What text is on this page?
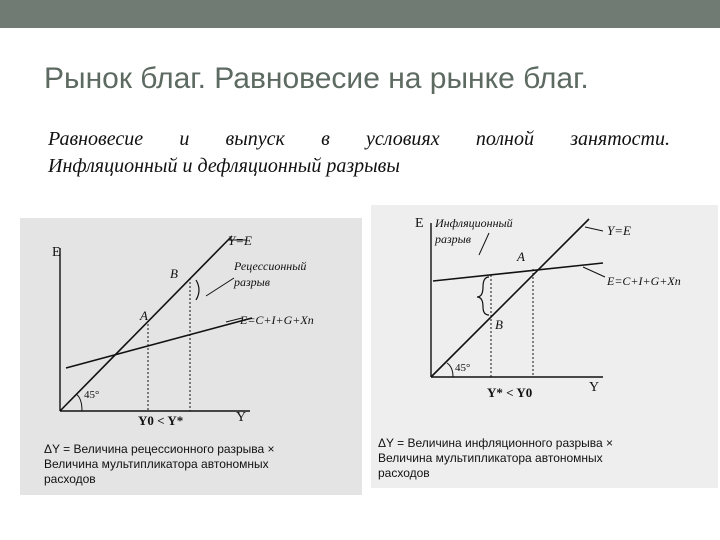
Рынок благ. Равновесие на рынке благ.
Равновесие и выпуск в условиях полной занятости.
Инфляционный и дефляционный разрывы
E
Y
Y=E
Рецессионный
разрыв
E=C+I+G+Xn
A
B
45°
Y0 < Y*
ΔY = Величина рецессионного разрыва ×
Величина мультипликатора автономных
расходов
E
Y
Y=E
Инфляционный
разрыв
E=C+I+G+Xn
A
B
45°
Y* < Y0
ΔY = Величина инфляционного разрыва ×
Величина мультипликатора автономных
расходов
